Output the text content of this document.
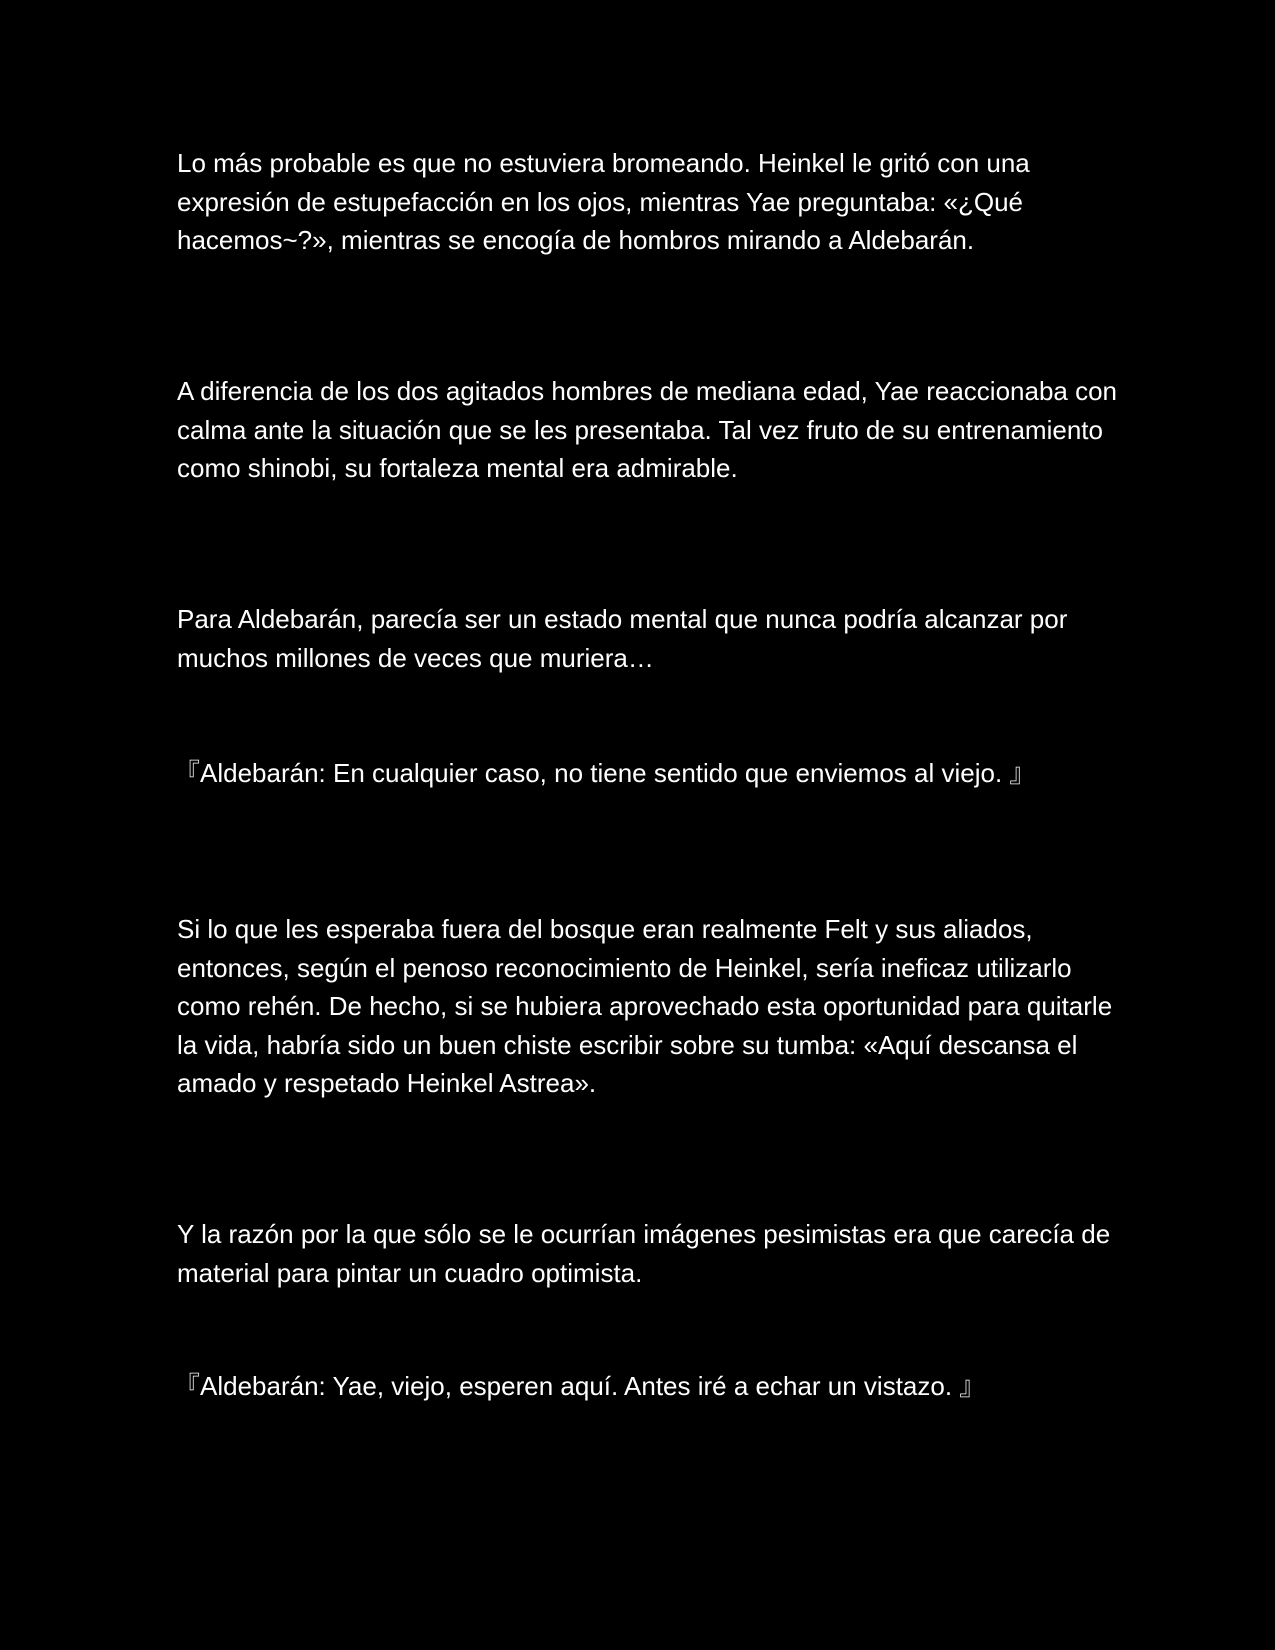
Lo más probable es que no estuviera bromeando. Heinkel le gritó con una expresión de estupefacción en los ojos, mientras Yae preguntaba: «¿Qué hacemos~?», mientras se encogía de hombros mirando a Aldebarán.

A diferencia de los dos agitados hombres de mediana edad, Yae reaccionaba con calma ante la situación que se les presentaba. Tal vez fruto de su entrenamiento como shinobi, su fortaleza mental era admirable.

Para Aldebarán, parecía ser un estado mental que nunca podría alcanzar por muchos millones de veces que muriera…

『Aldebarán: En cualquier caso, no tiene sentido que enviemos al viejo. 』

Si lo que les esperaba fuera del bosque eran realmente Felt y sus aliados, entonces, según el penoso reconocimiento de Heinkel, sería ineficaz utilizarlo como rehén. De hecho, si se hubiera aprovechado esta oportunidad para quitarle la vida, habría sido un buen chiste escribir sobre su tumba: «Aquí descansa el amado y respetado Heinkel Astrea».

Y la razón por la que sólo se le ocurrían imágenes pesimistas era que carecía de material para pintar un cuadro optimista.

『Aldebarán: Yae, viejo, esperen aquí. Antes iré a echar un vistazo. 』
